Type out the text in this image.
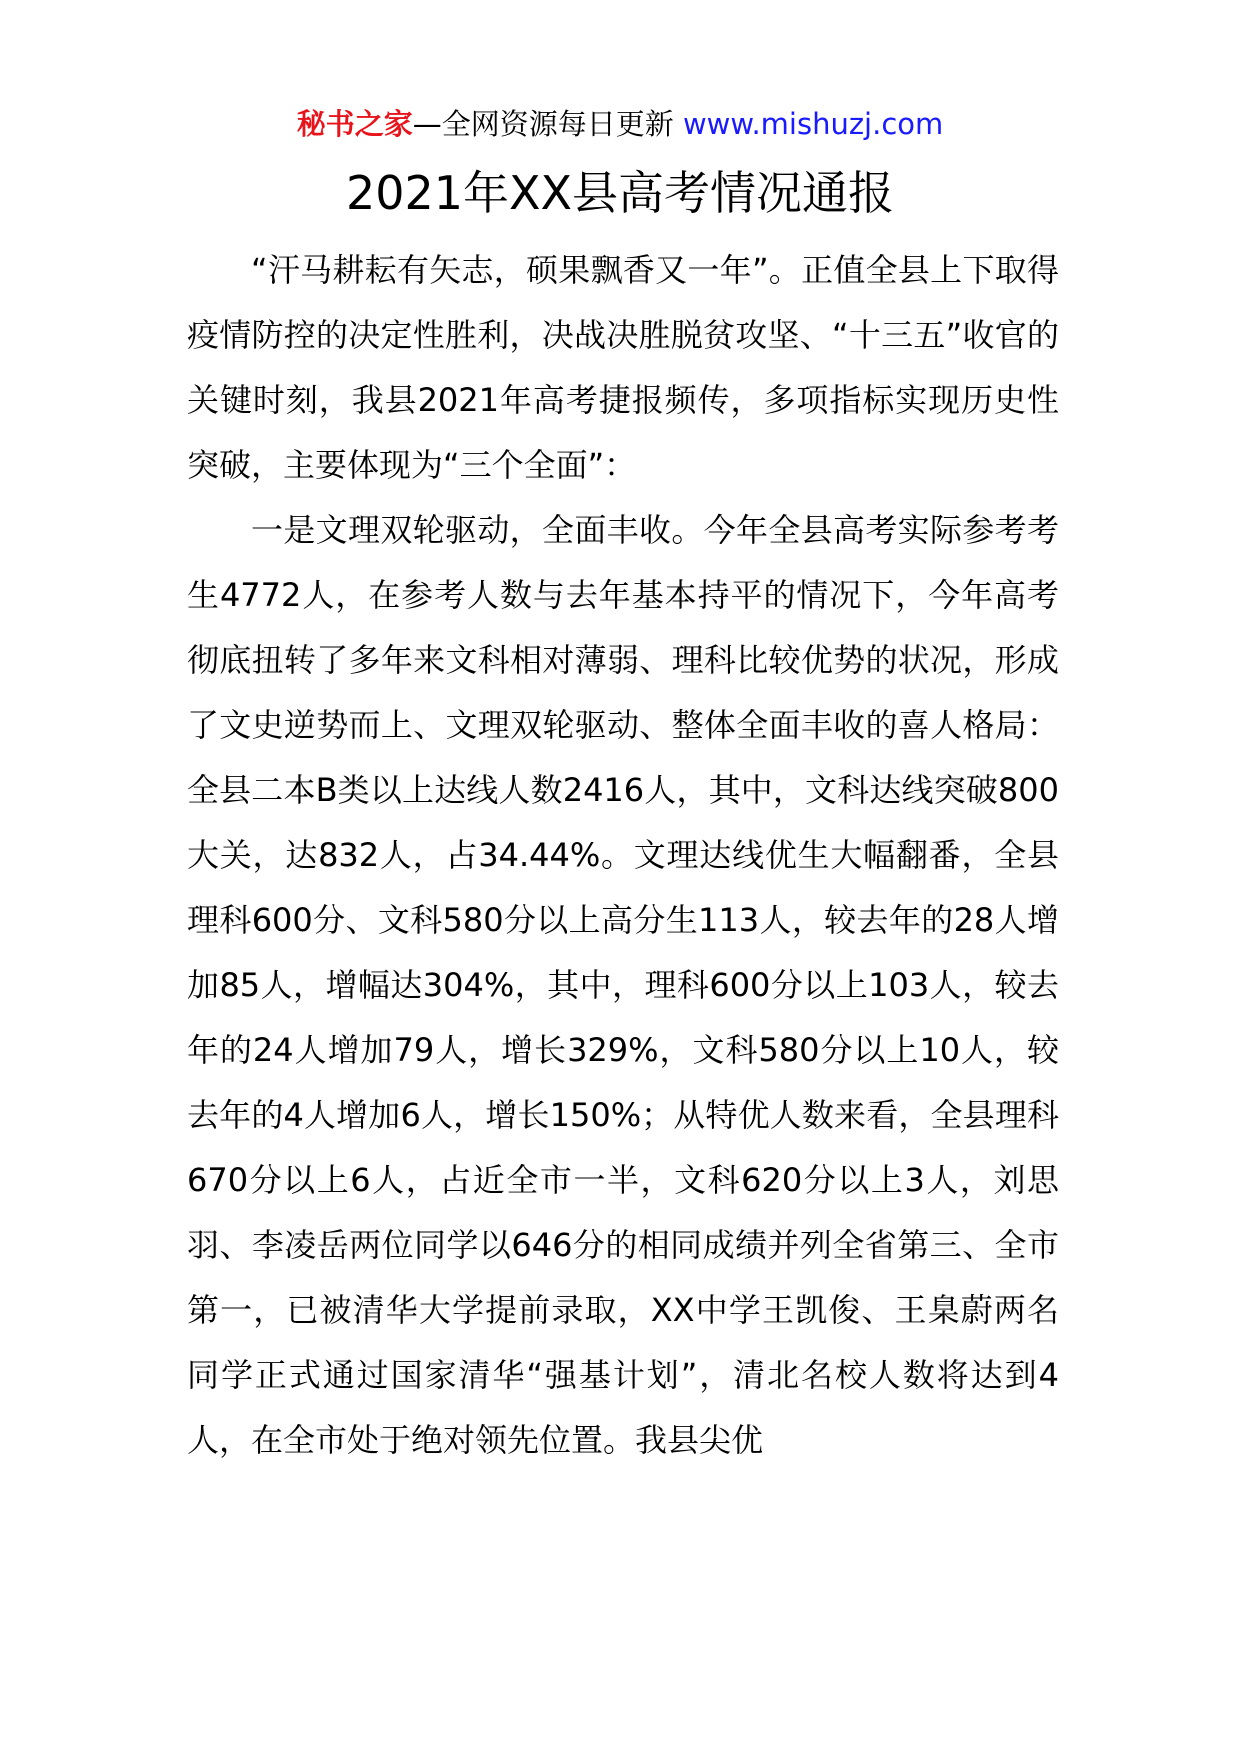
秘书之家—全网资源每日更新 www.mishuzj.com
2021年XX县高考情况通报

“汗马耕耘有矢志，硕果飘香又一年”。正值全县上下取得疫情防控的决定性胜利，决战决胜脱贫攻坚、“十三五”收官的关键时刻，我县2021年高考捷报频传，多项指标实现历史性突破，主要体现为“三个全面”：

一是文理双轮驱动，全面丰收。今年全县高考实际参考考生4772人，在参考人数与去年基本持平的情况下，今年高考彻底扭转了多年来文科相对薄弱、理科比较优势的状况，形成了文史逆势而上、文理双轮驱动、整体全面丰收的喜人格局：全县二本B类以上达线人数2416人，其中，文科达线突破800大关，达832人，占34.44%。文理达线优生大幅翻番，全县理科600分、文科580分以上高分生113人，较去年的28人增加85人，增幅达304%，其中，理科600分以上103人，较去年的24人增加79人，增长329%，文科580分以上10人，较去年的4人增加6人，增长150%；从特优人数来看，全县理科670分以上6人，占近全市一半，文科620分以上3人，刘思羽、李凌岳两位同学以646分的相同成绩并列全省第三、全市第一，已被清华大学提前录取，XX中学王凯俊、王臬蔚两名同学正式通过国家清华“强基计划”，清北名校人数将达到4人，在全市处于绝对领先位置。我县尖优
